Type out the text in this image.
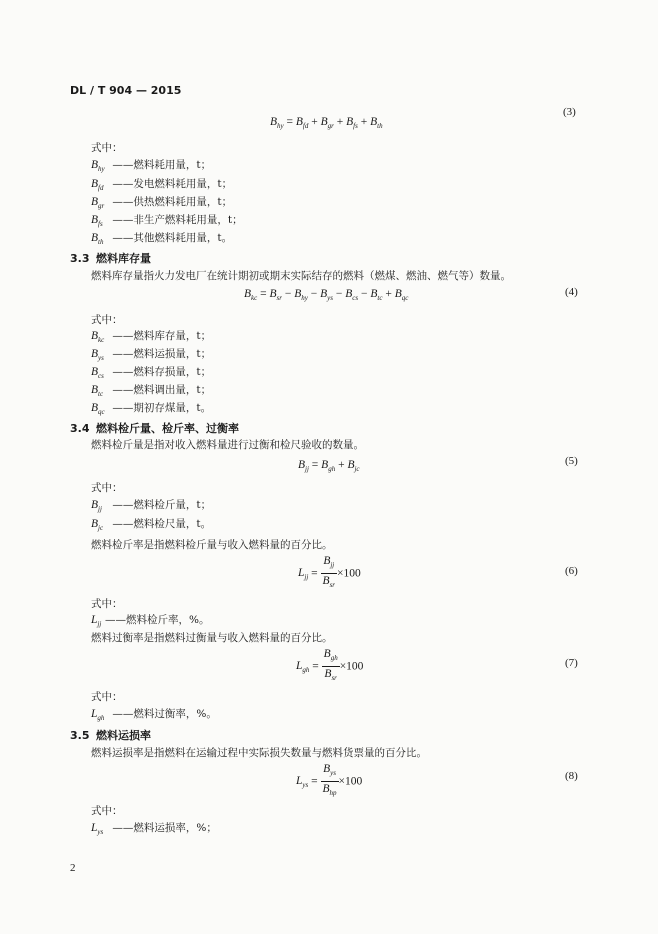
DL / T 904 — 2015
$B_{hy} = B_{fd} + B_{gr} + B_{fs} + B_{th}$
(3)
式中：
$B_{hy}$ ——燃料耗用量，t；
$B_{fd}$ ——发电燃料耗用量，t；
$B_{gr}$ ——供热燃料耗用量，t；
$B_{fs}$ ——非生产燃料耗用量，t；
$B_{th}$ ——其他燃料耗用量，t。
3.3 燃料库存量
燃料库存量指火力发电厂在统计期初或期末实际结存的燃料（燃煤、燃油、燃气等）数量。
$B_{kc} = B_{sr} - B_{hy} - B_{ys} - B_{cs} - B_{tc} + B_{qc}$	(4)
式中：
$B_{kc}$ ——燃料库存量，t；
$B_{ys}$ ——燃料运损量，t；
$B_{cs}$ ——燃料存损量，t；
$B_{tc}$ ——燃料调出量，t；
$B_{qc}$ ——期初存煤量，t。
3.4 燃料检斤量、检斤率、过衡率
燃料检斤量是指对收入燃料量进行过衡和检尺验收的数量。
$B_{jj} = B_{gh} + B_{jc}$
(5)
式中：
$B_{jj}$ ——燃料检斤量，t；
$B_{jc}$ ——燃料检尺量，t。
燃料检斤率是指燃料检斤量与收入燃料量的百分比。
$L_{jj} = \frac{B_{jj}}{B_{sr}} \times 100$	(6)
式中：
$L_{jj}$ ——燃料检斤率，%。
燃料过衡率是指燃料过衡量与收入燃料量的百分比。
$L_{gh} = \frac{B_{gh}}{B_{sr}} \times 100$	(7)
式中：
$L_{gh}$ ——燃料过衡率，%。
3.5 燃料运损率
燃料运损率是指燃料在运输过程中实际损失数量与燃料货票量的百分比。
$L_{ys} = \frac{B_{ys}}{B_{hp}} \times 100$	(8)
式中：
$L_{ys}$ ——燃料运损率，%；
2
